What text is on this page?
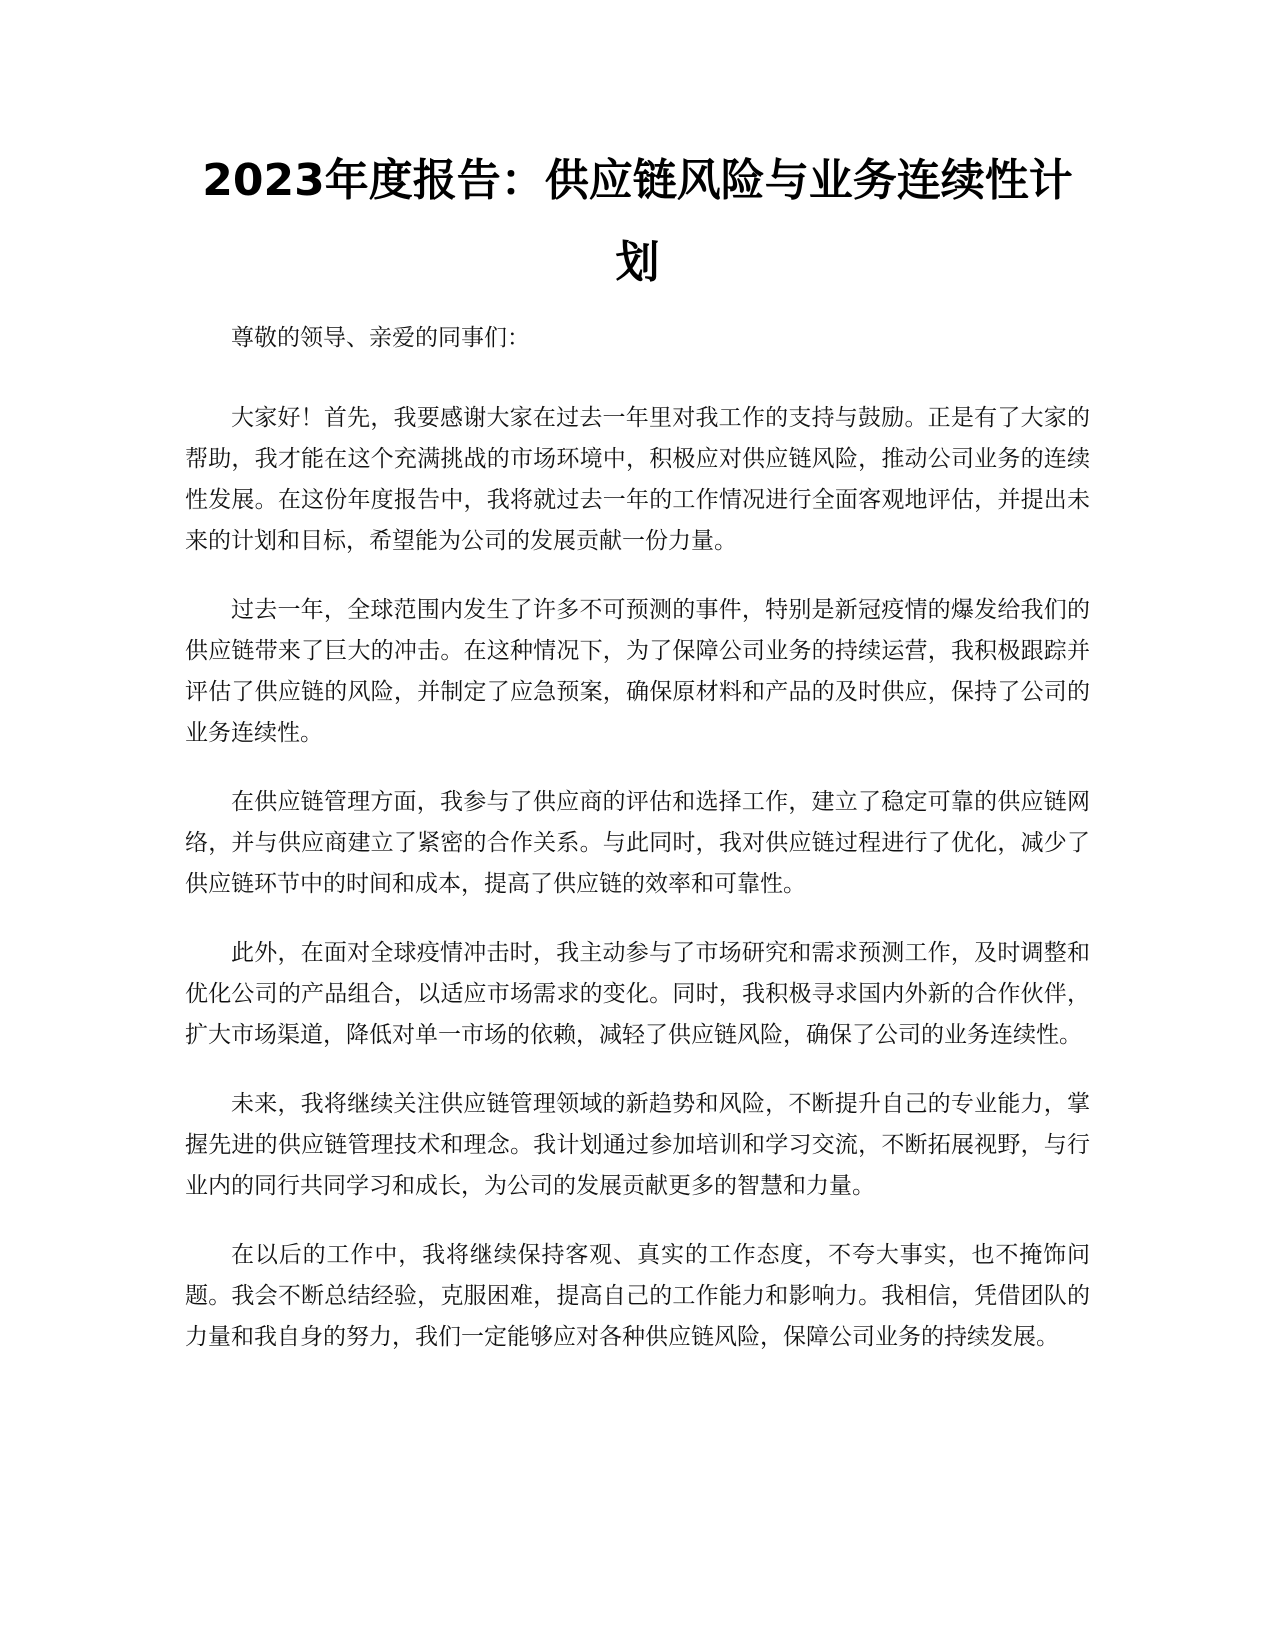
2023年度报告：供应链风险与业务连续性计划

尊敬的领导、亲爱的同事们：

大家好！首先，我要感谢大家在过去一年里对我工作的支持与鼓励。正是有了大家的帮助，我才能在这个充满挑战的市场环境中，积极应对供应链风险，推动公司业务的连续性发展。在这份年度报告中，我将就过去一年的工作情况进行全面客观地评估，并提出未来的计划和目标，希望能为公司的发展贡献一份力量。

过去一年，全球范围内发生了许多不可预测的事件，特别是新冠疫情的爆发给我们的供应链带来了巨大的冲击。在这种情况下，为了保障公司业务的持续运营，我积极跟踪并评估了供应链的风险，并制定了应急预案，确保原材料和产品的及时供应，保持了公司的业务连续性。

在供应链管理方面，我参与了供应商的评估和选择工作，建立了稳定可靠的供应链网络，并与供应商建立了紧密的合作关系。与此同时，我对供应链过程进行了优化，减少了供应链环节中的时间和成本，提高了供应链的效率和可靠性。

此外，在面对全球疫情冲击时，我主动参与了市场研究和需求预测工作，及时调整和优化公司的产品组合，以适应市场需求的变化。同时，我积极寻求国内外新的合作伙伴，扩大市场渠道，降低对单一市场的依赖，减轻了供应链风险，确保了公司的业务连续性。

未来，我将继续关注供应链管理领域的新趋势和风险，不断提升自己的专业能力，掌握先进的供应链管理技术和理念。我计划通过参加培训和学习交流，不断拓展视野，与行业内的同行共同学习和成长，为公司的发展贡献更多的智慧和力量。

在以后的工作中，我将继续保持客观、真实的工作态度，不夸大事实，也不掩饰问题。我会不断总结经验，克服困难，提高自己的工作能力和影响力。我相信，凭借团队的力量和我自身的努力，我们一定能够应对各种供应链风险，保障公司业务的持续发展。
